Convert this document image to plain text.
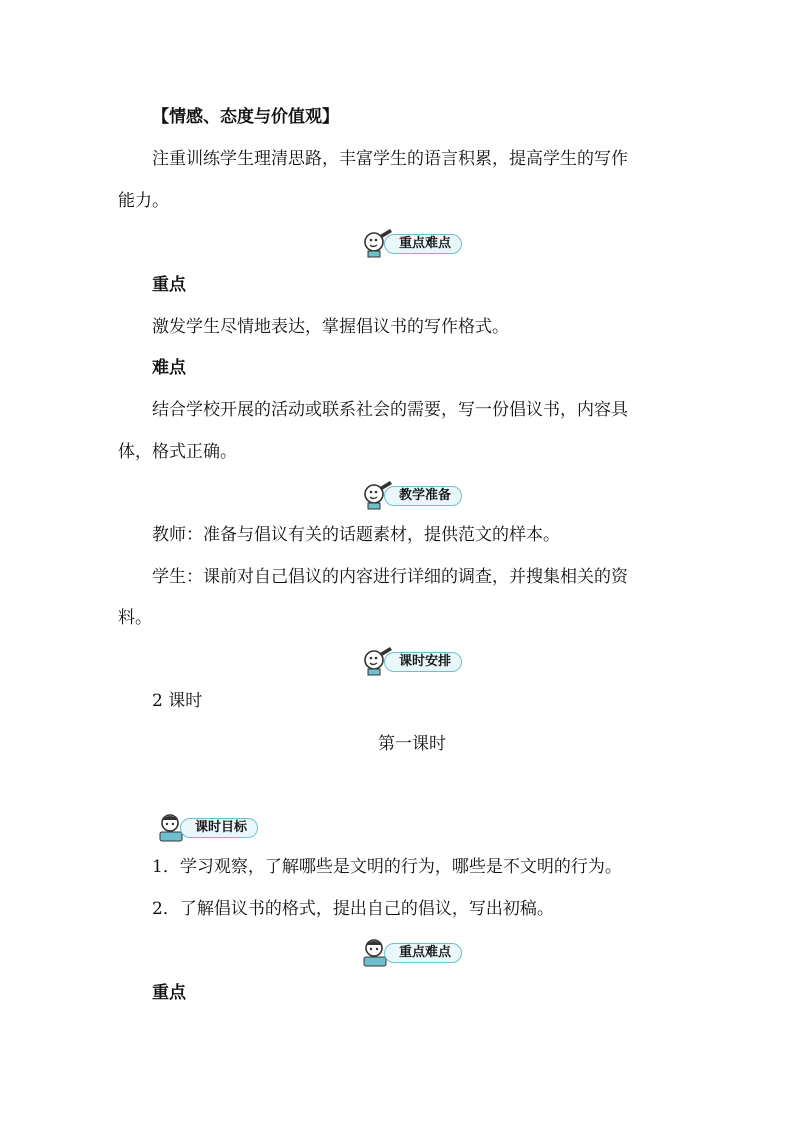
【情感、态度与价值观】
注重训练学生理清思路，丰富学生的语言积累，提高学生的写作
能力。
重点难点
重点
激发学生尽情地表达，掌握倡议书的写作格式。
难点
结合学校开展的活动或联系社会的需要，写一份倡议书，内容具
体，格式正确。
教学准备
教师：准备与倡议有关的话题素材，提供范文的样本。
学生：课前对自己倡议的内容进行详细的调查，并搜集相关的资
料。
课时安排
2 课时
第一课时
课时目标
1．学习观察，了解哪些是文明的行为，哪些是不文明的行为。
2．了解倡议书的格式，提出自己的倡议，写出初稿。
重点难点
重点
